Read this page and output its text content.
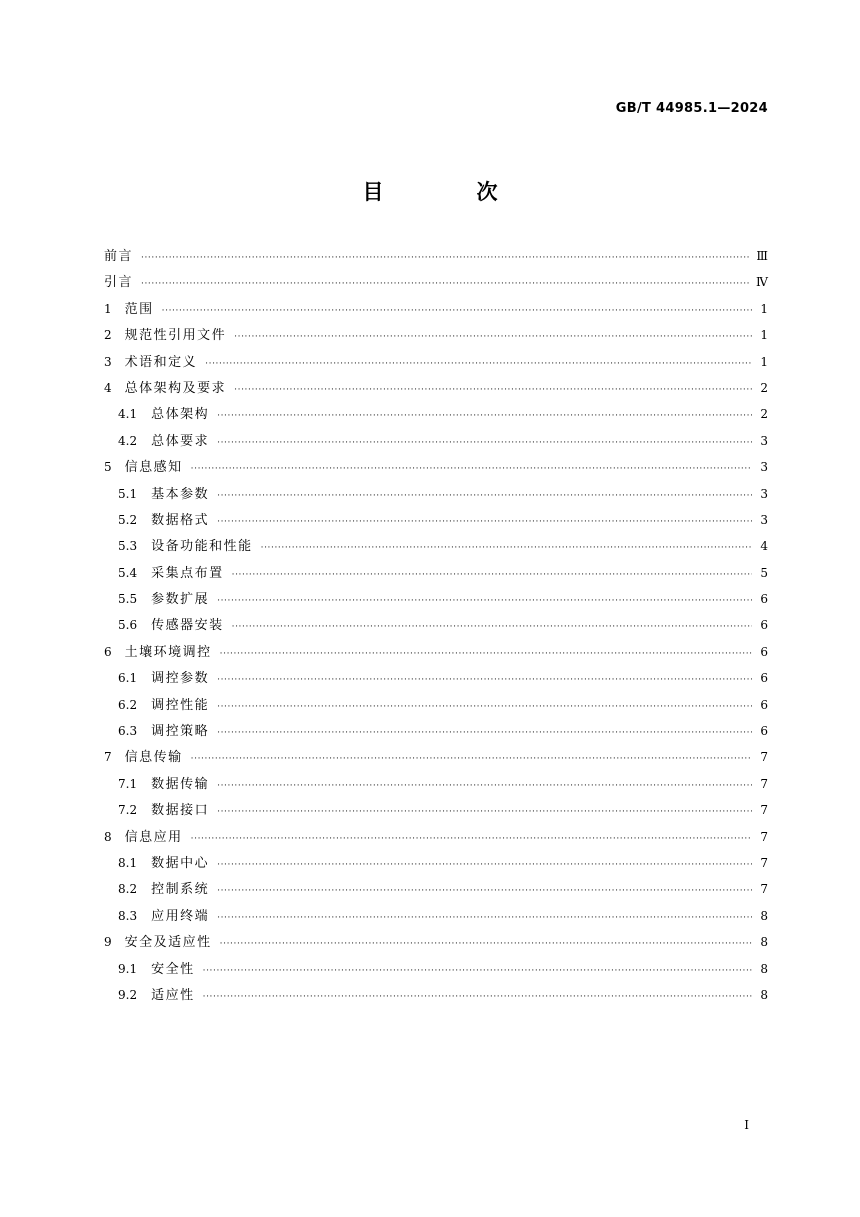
GB/T 44985.1—2024
目　次
前言 ·····	Ⅲ
引言 ·····	Ⅳ
1 范围 ·····	1
2 规范性引用文件 ·····	1
3 术语和定义 ·····	1
4 总体架构及要求 ·····	2
4.1 总体架构 ·····	2
4.2 总体要求 ·····	3
5 信息感知 ·····	3
5.1 基本参数 ·····	3
5.2 数据格式 ·····	3
5.3 设备功能和性能 ·····	4
5.4 采集点布置 ·····	5
5.5 参数扩展 ·····	6
5.6 传感器安装 ·····	6
6 土壤环境调控 ·····	6
6.1 调控参数 ·····	6
6.2 调控性能 ·····	6
6.3 调控策略 ·····	6
7 信息传输 ·····	7
7.1 数据传输 ·····	7
7.2 数据接口 ·····	7
8 信息应用 ·····	7
8.1 数据中心 ·····	7
8.2 控制系统 ·····	7
8.3 应用终端 ·····	8
9 安全及适应性 ·····	8
9.1 安全性 ·····	8
9.2 适应性 ·····	8
I
